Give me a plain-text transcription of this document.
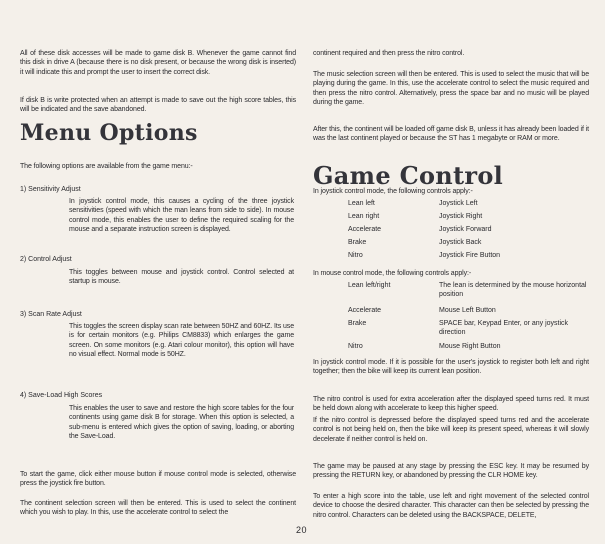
All of these disk accesses will be made to game disk B. Whenever the game cannot find this disk in drive A (because there is no disk present, or because the wrong disk is inserted) it will indicate this and prompt the user to insert the correct disk.
If disk B is write protected when an attempt is made to save out the high score tables, this will be indicated and the save abandoned.
Menu Options
The following options are available from the game menu:-
1) Sensitivity Adjust
In joystick control mode, this causes a cycling of the three joystick sensitivities (speed with which the man leans from side to side). In mouse control mode, this enables the user to define the required scaling for the mouse and a separate instruction screen is displayed.
2) Control Adjust
This toggles between mouse and joystick control. Control selected at startup is mouse.
3) Scan Rate Adjust
This toggles the screen display scan rate between 50HZ and 60HZ. Its use is for certain monitors (e.g. Philips CM8833) which enlarges the game screen. On some monitors (e.g. Atari colour monitor), this option will have no visual effect. Normal mode is 50HZ.
4) Save-Load High Scores
This enables the user to save and restore the high score tables for the four continents using game disk B for storage. When this option is selected, a sub-menu is entered which gives the option of saving, loading, or aborting the Save-Load.
To start the game, click either mouse button if mouse control mode is selected, otherwise press the joystick fire button.
The continent selection screen will then be entered. This is used to select the continent which you wish to play. In this, use the accelerate control to select the
continent required and then press the nitro control.
The music selection screen will then be entered. This is used to select the music that will be playing during the game. In this, use the accelerate control to select the music required and then press the nitro control. Alternatively, press the space bar and no music will be played during the game.
After this, the continent will be loaded off game disk B, unless it has already been loaded if it was the last continent played or because the ST has 1 megabyte or RAM or more.
Game Control
In joystick control mode, the following controls apply:-
Lean left	Joystick Left
Lean right	Joystick Right
Accelerate	Joystick Forward
Brake	Joystick Back
Nitro	Joystick Fire Button
In mouse control mode, the following controls apply:-
Lean left/right	The lean is determined by the mouse horizontal position
Accelerate	Mouse Left Button
Brake	SPACE bar, Keypad Enter, or any joystick direction
Nitro	Mouse Right Button
In joystick control mode. If it is possible for the user's joystick to register both left and right together; then the bike will keep its current lean position.
The nitro control is used for extra acceleration after the displayed speed turns red. It must be held down along with accelerate to keep this higher speed.
If the nitro control is depressed before the displayed speed turns red and the accelerate control is not being held on, then the bike will keep its present speed, whereas it will slowly decelerate if neither control is held on.
The game may be paused at any stage by pressing the ESC key. It may be resumed by pressing the RETURN key, or abandoned by pressing the CLR HOME key.
To enter a high score into the table, use left and right movement of the selected control device to choose the desired character. This character can then be selected by pressing the nitro control. Characters can be deleted using the BACKSPACE, DELETE,
20
